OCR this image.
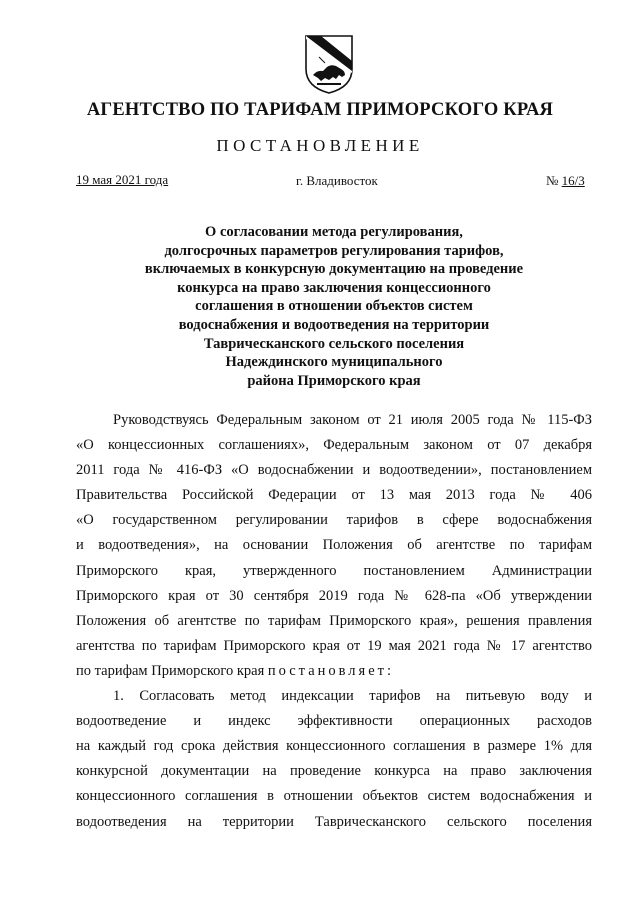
АГЕНТСТВО ПО ТАРИФАМ ПРИМОРСКОГО КРАЯ
ПОСТАНОВЛЕНИЕ
19 мая 2021 года	г. Владивосток	№ 16/3
О согласовании метода регулирования,
долгосрочных параметров регулирования тарифов,
включаемых в конкурсную документацию на проведение
конкурса на право заключения концессионного
соглашения в отношении объектов систем
водоснабжения и водоотведения на территории
Таврическанского сельского поселения
Надеждинского муниципального
района Приморского края
Руководствуясь Федеральным законом от 21 июля 2005 года № 115-ФЗ
«О концессионных соглашениях», Федеральным законом от 07 декабря
2011 года № 416-ФЗ «О водоснабжении и водоотведении», постановлением
Правительства Российской Федерации от 13 мая 2013 года № 406
«О государственном регулировании тарифов в сфере водоснабжения
и водоотведения», на основании Положения об агентстве по тарифам
Приморского края, утвержденного постановлением Администрации
Приморского края от 30 сентября 2019 года № 628-па «Об утверждении
Положения об агентстве по тарифам Приморского края», решения правления
агентства по тарифам Приморского края от 19 мая 2021 года № 17 агентство
по тарифам Приморского края постановляет:
1. Согласовать метод индексации тарифов на питьевую воду и
водоотведение и индекс эффективности операционных расходов
на каждый год срока действия концессионного соглашения в размере 1% для
конкурсной документации на проведение конкурса на право заключения
концессионного соглашения в отношении объектов систем водоснабжения и
водоотведения на территории Таврическанского сельского поселения
